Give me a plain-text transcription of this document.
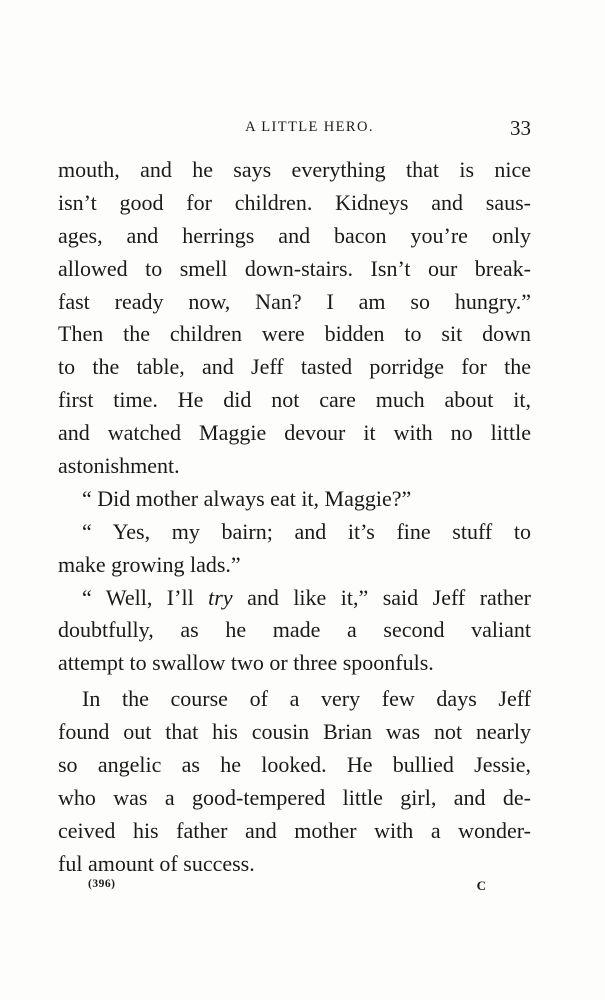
A LITTLE HERO.	33
mouth, and he says everything that is nice
isn’t good for children. Kidneys and saus-
ages, and herrings and bacon you’re only
allowed to smell down-stairs. Isn’t our break-
fast ready now, Nan? I am so hungry.”
Then the children were bidden to sit down
to the table, and Jeff tasted porridge for the
first time. He did not care much about it,
and watched Maggie devour it with no little
astonishment.
“ Did mother always eat it, Maggie?”
“ Yes, my bairn; and it’s fine stuff to
make growing lads.”
“ Well, I’ll try and like it,” said Jeff rather
doubtfully, as he made a second valiant
attempt to swallow two or three spoonfuls.
In the course of a very few days Jeff
found out that his cousin Brian was not nearly
so angelic as he looked. He bullied Jessie,
who was a good-tempered little girl, and de-
ceived his father and mother with a wonder-
ful amount of success.
(396)	C
